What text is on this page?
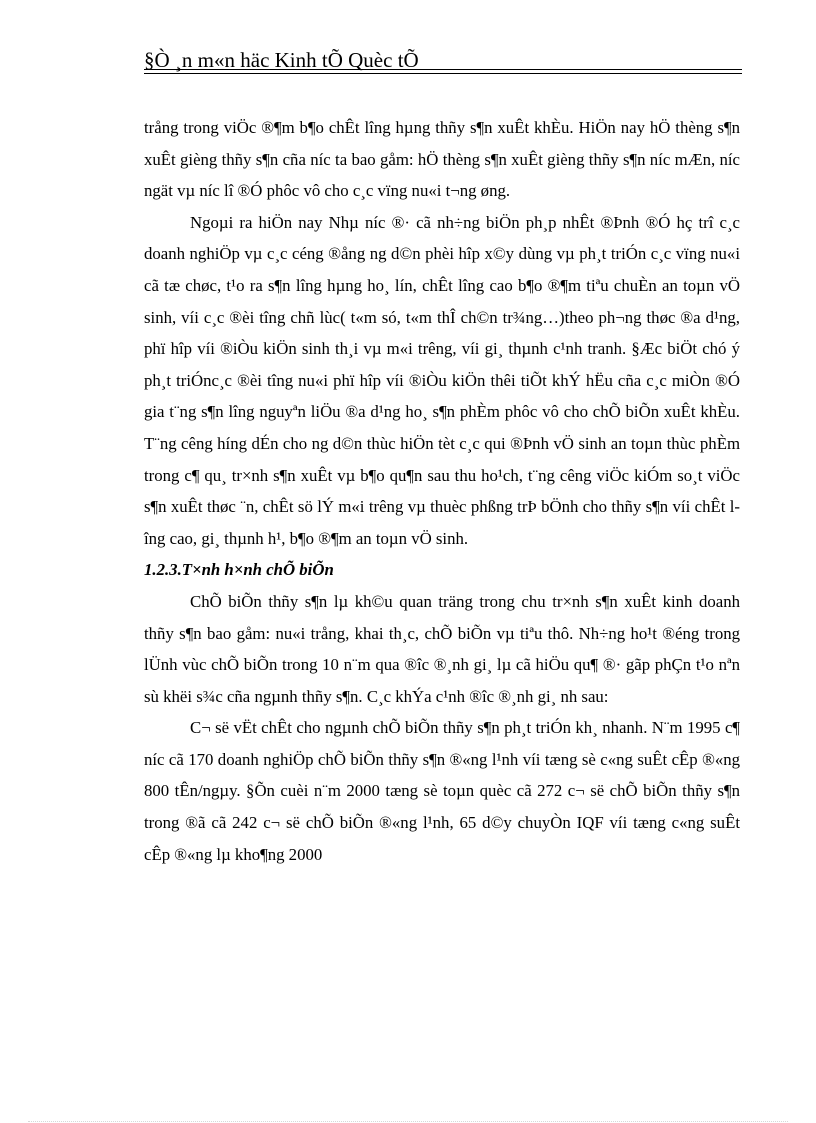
§Ò ¸n m«n häc Kinh tÕ Quèc tÕ

trång trong viÖc ®¶m b¶o chÊt lîng hµng thñy s¶n xuÊt khÈu. HiÖn nay hÖ thèng s¶n xuÊt gièng thñy s¶n cña níc ta bao gåm: hÖ thèng s¶n xuÊt gièng thñy s¶n níc mÆn, níc ngät vµ níc lî ®Ó phôc vô cho c¸c vïng nu«i t¬ng øng.

Ngoµi ra hiÖn nay Nhµ níc ®· cã nh÷ng biÖn ph¸p nhÊt ®Þnh ®Ó hç trî c¸c doanh nghiÖp vµ c¸c céng ®ång ng d©n phèi hîp x©y dùng vµ ph¸t triÓn c¸c vïng nu«i cã tæ chøc, t¹o ra s¶n lîng hµng ho¸ lín, chÊt lîng cao b¶o ®¶m tiªu chuÈn an toµn vÖ sinh, víi c¸c ®èi tîng chñ lùc( t«m só, t«m thÎ ch©n tr¾ng…)theo ph¬ng thøc ®a d¹ng, phï hîp víi ®iÒu kiÖn sinh th¸i vµ m«i trêng, víi gi¸ thµnh c¹nh tranh. §Æc biÖt chó ý ph¸t triÓnc¸c ®èi tîng nu«i phï hîp víi ®iÒu kiÖn thêi tiÕt khÝ hËu cña c¸c miÒn ®Ó gia t¨ng s¶n lîng nguyªn liÖu ®a d¹ng ho¸ s¶n phÈm phôc vô cho chÕ biÕn xuÊt khÈu. T¨ng cêng híng dÉn cho ng d©n thùc hiÖn tèt c¸c qui ®Þnh vÖ sinh an toµn thùc phÈm trong c¶ qu¸ tr×nh s¶n xuÊt vµ b¶o qu¶n sau thu ho¹ch, t¨ng cêng viÖc kiÓm so¸t viÖc s¶n xuÊt thøc ¨n, chÊt sö lÝ m«i trêng vµ thuèc phßng trÞ bÖnh cho thñy s¶n víi chÊt lîng cao, gi¸ thµnh h¹, b¶o ®¶m an toµn vÖ sinh.

1.2.3.T×nh h×nh chÕ biÕn

ChÕ biÕn thñy s¶n lµ kh©u quan träng trong chu tr×nh s¶n xuÊt kinh doanh thñy s¶n bao gåm: nu«i trång, khai th¸c, chÕ biÕn vµ tiªu thô. Nh÷ng ho¹t ®éng trong lÜnh vùc chÕ biÕn trong 10 n¨m qua ®îc ®¸nh gi¸ lµ cã hiÖu qu¶ ®· gãp phÇn t¹o nªn sù khëi s¾c cña ngµnh thñy s¶n. C¸c khÝa c¹nh ®îc ®¸nh gi¸ nh sau:

C¬ së vËt chÊt cho ngµnh chÕ biÕn thñy s¶n ph¸t triÓn kh¸ nhanh. N¨m 1995 c¶ níc cã 170 doanh nghiÖp chÕ biÕn thñy s¶n ®«ng l¹nh víi tæng sè c«ng suÊt cÊp ®«ng 800 tÊn/ngµy. §Õn cuèi n¨m 2000 tæng sè toµn quèc cã 272 c¬ së chÕ biÕn thñy s¶n trong ®ã cã 242 c¬ së chÕ biÕn ®«ng l¹nh, 65 d©y chuyÒn IQF víi tæng c«ng suÊt cÊp ®«ng lµ kho¶ng 2000
